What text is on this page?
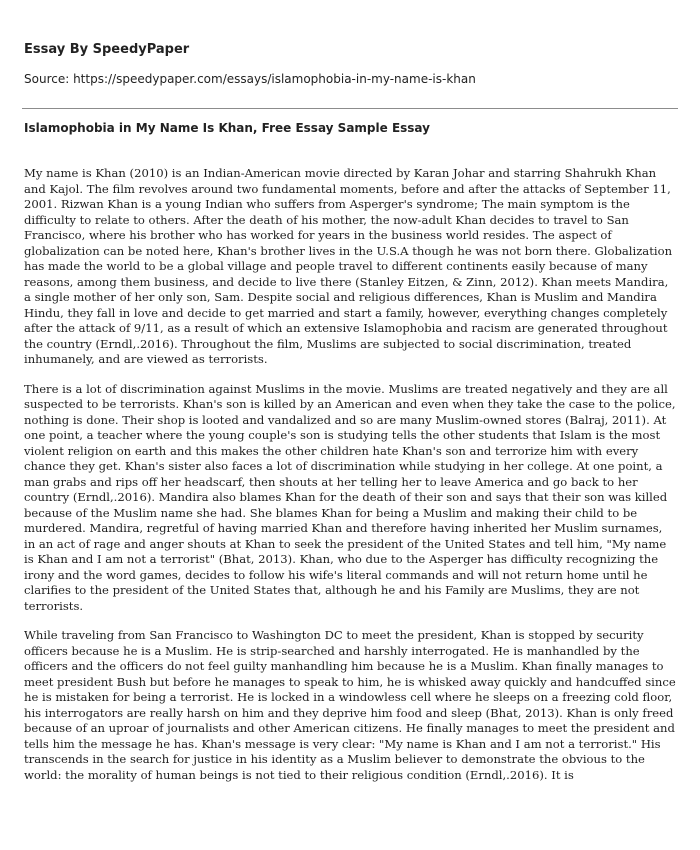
Essay By SpeedyPaper
Source: https://speedypaper.com/essays/islamophobia-in-my-name-is-khan
Islamophobia in My Name Is Khan, Free Essay Sample Essay

My name is Khan (2010) is an Indian-American movie directed by Karan Johar and starring Shahrukh Khan and Kajol. The film revolves around two fundamental moments, before and after the attacks of September 11, 2001. Rizwan Khan is a young Indian who suffers from Asperger's syndrome; The main symptom is the difficulty to relate to others. After the death of his mother, the now-adult Khan decides to travel to San Francisco, where his brother who has worked for years in the business world resides. The aspect of globalization can be noted here, Khan's brother lives in the U.S.A though he was not born there. Globalization has made the world to be a global village and people travel to different continents easily because of many reasons, among them business, and decide to live there (Stanley Eitzen, & Zinn, 2012). Khan meets Mandira, a single mother of her only son, Sam. Despite social and religious differences, Khan is Muslim and Mandira Hindu, they fall in love and decide to get married and start a family, however, everything changes completely after the attack of 9/11, as a result of which an extensive Islamophobia and racism are generated throughout the country (Erndl,.2016). Throughout the film, Muslims are subjected to social discrimination, treated inhumanely, and are viewed as terrorists.

There is a lot of discrimination against Muslims in the movie. Muslims are treated negatively and they are all suspected to be terrorists. Khan's son is killed by an American and even when they take the case to the police, nothing is done. Their shop is looted and vandalized and so are many Muslim-owned stores (Balraj, 2011). At one point, a teacher where the young couple's son is studying tells the other students that Islam is the most violent religion on earth and this makes the other children hate Khan's son and terrorize him with every chance they get. Khan's sister also faces a lot of discrimination while studying in her college. At one point, a man grabs and rips off her headscarf, then shouts at her telling her to leave America and go back to her country (Erndl,.2016). Mandira also blames Khan for the death of their son and says that their son was killed because of the Muslim name she had. She blames Khan for being a Muslim and making their child to be murdered. Mandira, regretful of having married Khan and therefore having inherited her Muslim surnames, in an act of rage and anger shouts at Khan to seek the president of the United States and tell him, "My name is Khan and I am not a terrorist" (Bhat, 2013). Khan, who due to the Asperger has difficulty recognizing the irony and the word games, decides to follow his wife's literal commands and will not return home until he clarifies to the president of the United States that, although he and his Family are Muslims, they are not terrorists.

While traveling from San Francisco to Washington DC to meet the president, Khan is stopped by security officers because he is a Muslim. He is strip-searched and harshly interrogated. He is manhandled by the officers and the officers do not feel guilty manhandling him because he is a Muslim. Khan finally manages to meet president Bush but before he manages to speak to him, he is whisked away quickly and handcuffed since he is mistaken for being a terrorist. He is locked in a windowless cell where he sleeps on a freezing cold floor, his interrogators are really harsh on him and they deprive him food and sleep (Bhat, 2013). Khan is only freed because of an uproar of journalists and other American citizens. He finally manages to meet the president and tells him the message he has. Khan's message is very clear: "My name is Khan and I am not a terrorist." His transcends in the search for justice in his identity as a Muslim believer to demonstrate the obvious to the world: the morality of human beings is not tied to their religious condition (Erndl,.2016). It is
